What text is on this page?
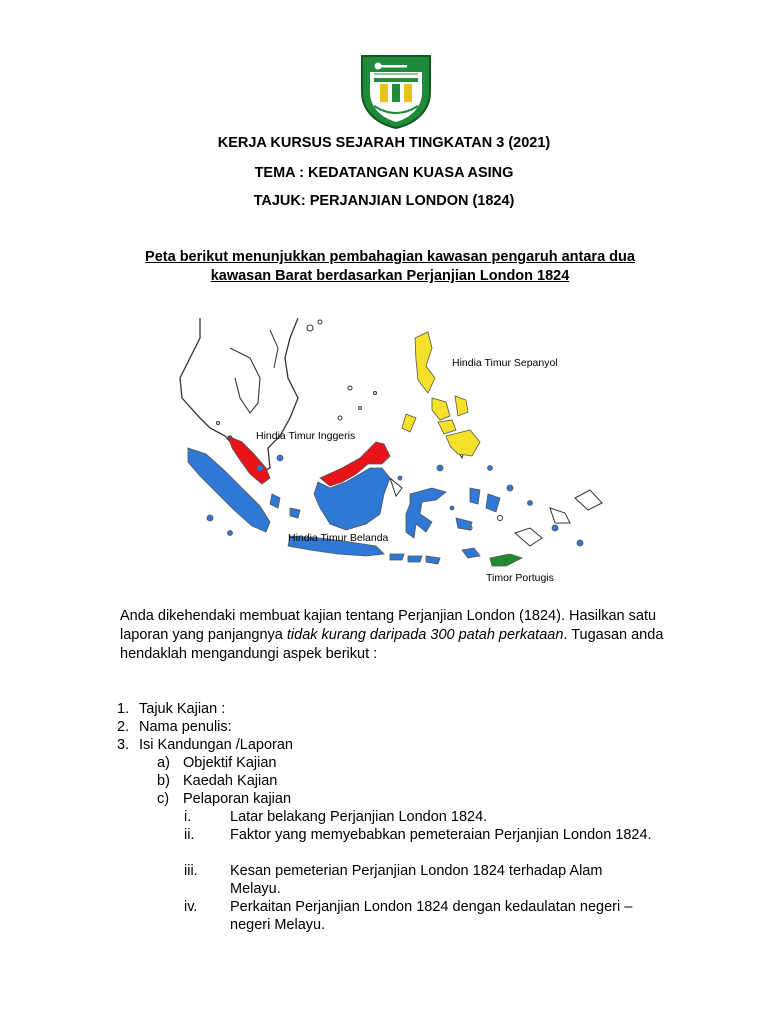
KERJA KURSUS SEJARAH TINGKATAN 3 (2021)
TEMA : KEDATANGAN KUASA ASING
TAJUK: PERJANJIAN LONDON (1824)
Peta berikut menunjukkan pembahagian kawasan pengaruh antara dua
kawasan Barat berdasarkan Perjanjian London 1824
Hindia Timur Sepanyol
Hindia Timur Inggeris
Hindia Timur Belanda
Timor Portugis
Anda dikehendaki membuat kajian tentang Perjanjian London (1824). Hasilkan satu laporan yang panjangnya tidak kurang daripada 300 patah perkataan. Tugasan anda hendaklah mengandungi aspek berikut :
1. Tajuk Kajian :
2. Nama penulis:
3. Isi Kandungan /Laporan
a) Objektif Kajian
b) Kaedah Kajian
c) Pelaporan kajian
i.	Latar belakang Perjanjian London 1824.
ii. Faktor yang memyebabkan pemeteraian Perjanjian London 1824.
iii. Kesan pemeterian Perjanjian London 1824 terhadap Alam Melayu.
iv. Perkaitan Perjanjian London 1824 dengan kedaulatan negeri – negeri Melayu.
